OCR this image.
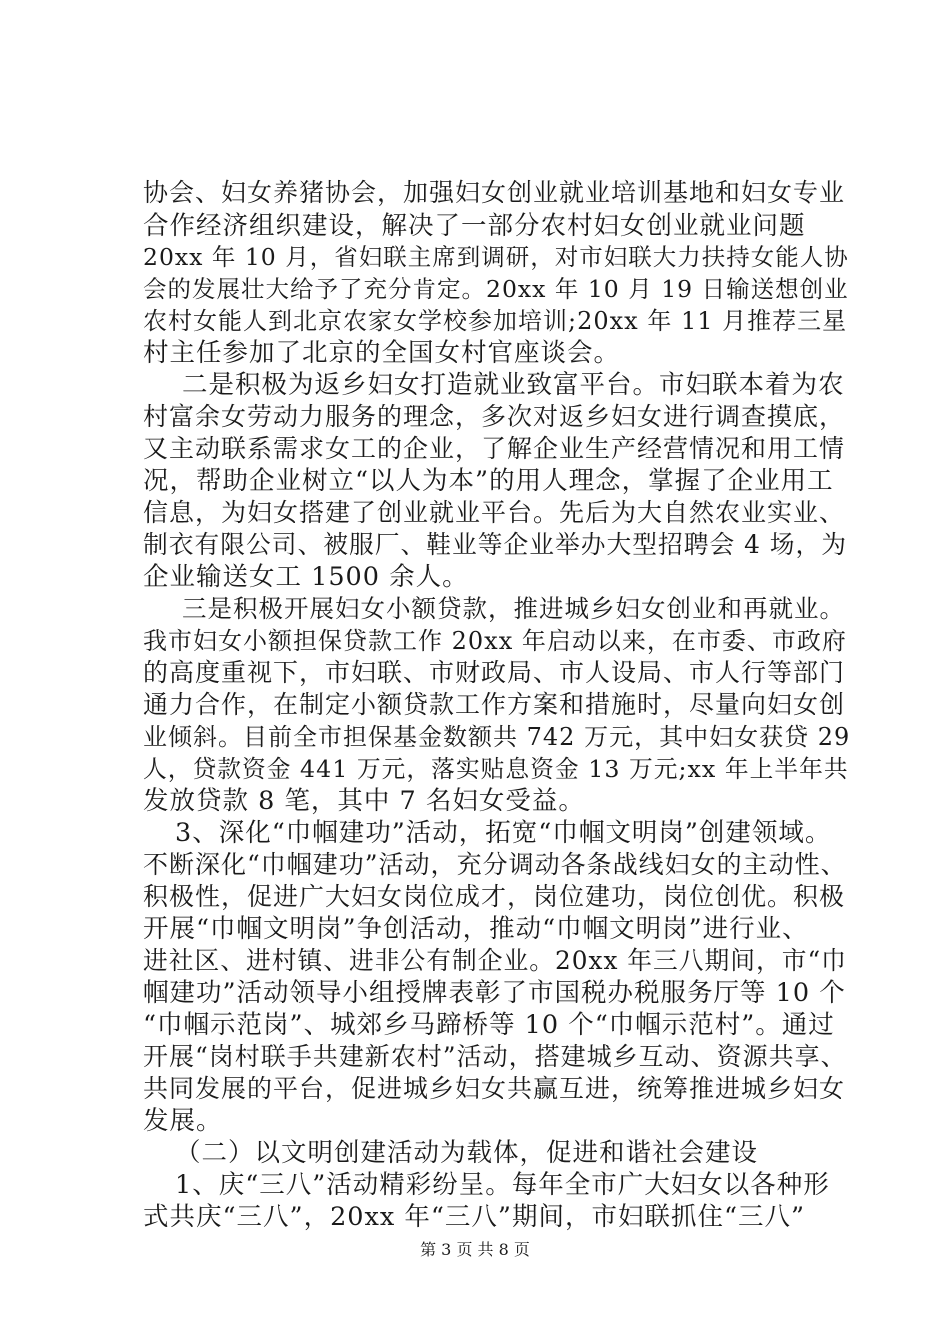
协会、妇女养猪协会，加强妇女创业就业培训基地和妇女专业
合作经济组织建设，解决了一部分农村妇女创业就业问题
20xx 年 10 月，省妇联主席到调研，对市妇联大力扶持女能人协
会的发展壮大给予了充分肯定。20xx 年 10 月 19 日输送想创业
农村女能人到北京农家女学校参加培训;20xx 年 11 月推荐三星
村主任参加了北京的全国女村官座谈会。
二是积极为返乡妇女打造就业致富平台。市妇联本着为农
村富余女劳动力服务的理念，多次对返乡妇女进行调查摸底，
又主动联系需求女工的企业，了解企业生产经营情况和用工情
况，帮助企业树立“以人为本”的用人理念，掌握了企业用工
信息，为妇女搭建了创业就业平台。先后为大自然农业实业、
制衣有限公司、被服厂、鞋业等企业举办大型招聘会 4 场，为
企业输送女工 1500 余人。
三是积极开展妇女小额贷款，推进城乡妇女创业和再就业。
我市妇女小额担保贷款工作 20xx 年启动以来，在市委、市政府
的高度重视下，市妇联、市财政局、市人设局、市人行等部门
通力合作，在制定小额贷款工作方案和措施时，尽量向妇女创
业倾斜。目前全市担保基金数额共 742 万元，其中妇女获贷 29
人，贷款资金 441 万元，落实贴息资金 13 万元;xx 年上半年共
发放贷款 8 笔，其中 7 名妇女受益。
3、深化“巾帼建功”活动，拓宽“巾帼文明岗”创建领域。
不断深化“巾帼建功”活动，充分调动各条战线妇女的主动性、
积极性，促进广大妇女岗位成才，岗位建功，岗位创优。积极
开展“巾帼文明岗”争创活动，推动“巾帼文明岗”进行业、
进社区、进村镇、进非公有制企业。20xx 年三八期间，市“巾
帼建功”活动领导小组授牌表彰了市国税办税服务厅等 10 个
“巾帼示范岗”、城郊乡马蹄桥等 10 个“巾帼示范村”。通过
开展“岗村联手共建新农村”活动，搭建城乡互动、资源共享、
共同发展的平台，促进城乡妇女共赢互进，统筹推进城乡妇女
发展。
（二）以文明创建活动为载体，促进和谐社会建设
1、庆“三八”活动精彩纷呈。每年全市广大妇女以各种形
式共庆“三八”，20xx 年“三八”期间，市妇联抓住“三八”
第 3 页 共 8 页
